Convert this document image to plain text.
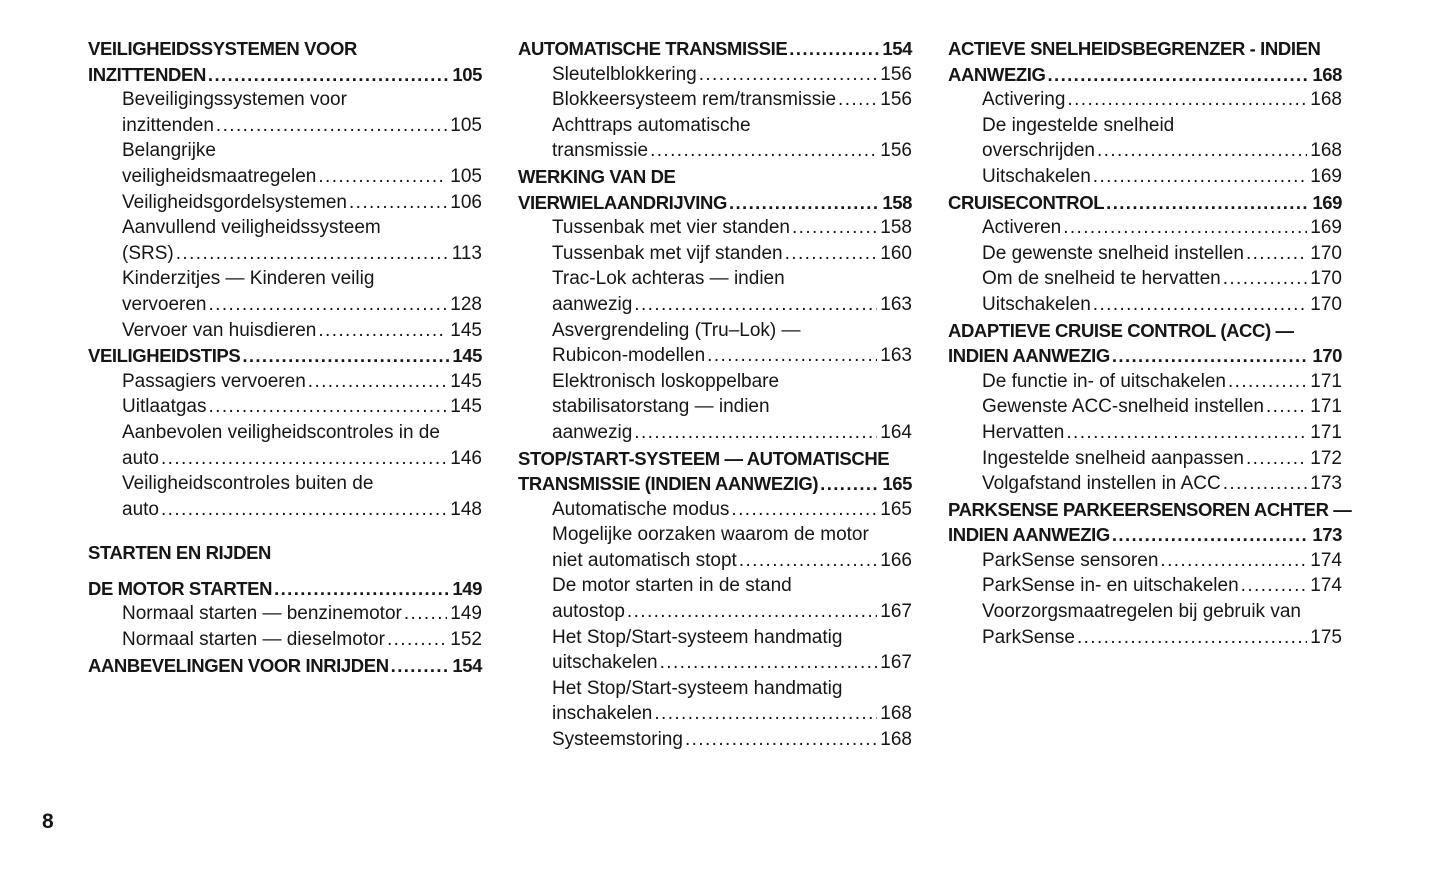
VEILIGHEIDSSYSTEMEN VOOR
INZITTENDEN .....	105
Beveiligingssystemen voor
inzittenden .....	105
Belangrijke
veiligheidsmaatregelen .....	105
Veiligheidsgordelsystemen .....	106
Aanvullend veiligheidssysteem
(SRS) .....	113
Kinderzitjes — Kinderen veilig
vervoeren .....	128
Vervoer van huisdieren .....	145
VEILIGHEIDSTIPS .....	145
Passagiers vervoeren .....	145
Uitlaatgas .....	145
Aanbevolen veiligheidscontroles in de
auto .....	146
Veiligheidscontroles buiten de
auto .....	148
STARTEN EN RIJDEN
DE MOTOR STARTEN .....	149
Normaal starten — benzinemotor .....	149
Normaal starten — dieselmotor .....	152
AANBEVELINGEN VOOR INRIJDEN .....	154
AUTOMATISCHE TRANSMISSIE .....	154
Sleutelblokkering .....	156
Blokkeersysteem rem/transmissie ..... 156
Achttraps automatische
transmissie .....	156
WERKING VAN DE
VIERWIELAANDRIJVING .....	158
Tussenbak met vier standen .....	158
Tussenbak met vijf standen .....	160
Trac-Lok achteras — indien
aanwezig .....	163
Asvergrendeling (Tru–Lok) —
Rubicon-modellen .....	163
Elektronisch loskoppelbare
stabilisatorstang — indien
aanwezig .....	164
STOP/START-SYSTEEM — AUTOMATISCHE
TRANSMISSIE (INDIEN AANWEZIG) .....	165
Automatische modus .....	165
Mogelijke oorzaken waarom de motor
niet automatisch stopt .....	166
De motor starten in de stand
autostop .....	167
Het Stop/Start-systeem handmatig
uitschakelen .....	167
Het Stop/Start-systeem handmatig
inschakelen .....	168
Systeemstoring .....	168
ACTIEVE SNELHEIDSBEGRENZER - INDIEN
AANWEZIG .....	168
Activering .....	168
De ingestelde snelheid
overschrijden .....	168
Uitschakelen .....	169
CRUISECONTROL .....	169
Activeren .....	169
De gewenste snelheid instellen .....	170
Om de snelheid te hervatten .....	170
Uitschakelen .....	170
ADAPTIEVE CRUISE CONTROL (ACC) —
INDIEN AANWEZIG .....	170
De functie in- of uitschakelen .....	171
Gewenste ACC-snelheid instellen ..... 171
Hervatten .....	171
Ingestelde snelheid aanpassen .....	172
Volgafstand instellen in ACC .....	173
PARKSENSE PARKEERSENSOREN ACHTER —
INDIEN AANWEZIG .....	173
ParkSense sensoren .....	174
ParkSense in- en uitschakelen .....	174
Voorzorgsmaatregelen bij gebruik van
ParkSense .....	175
8
